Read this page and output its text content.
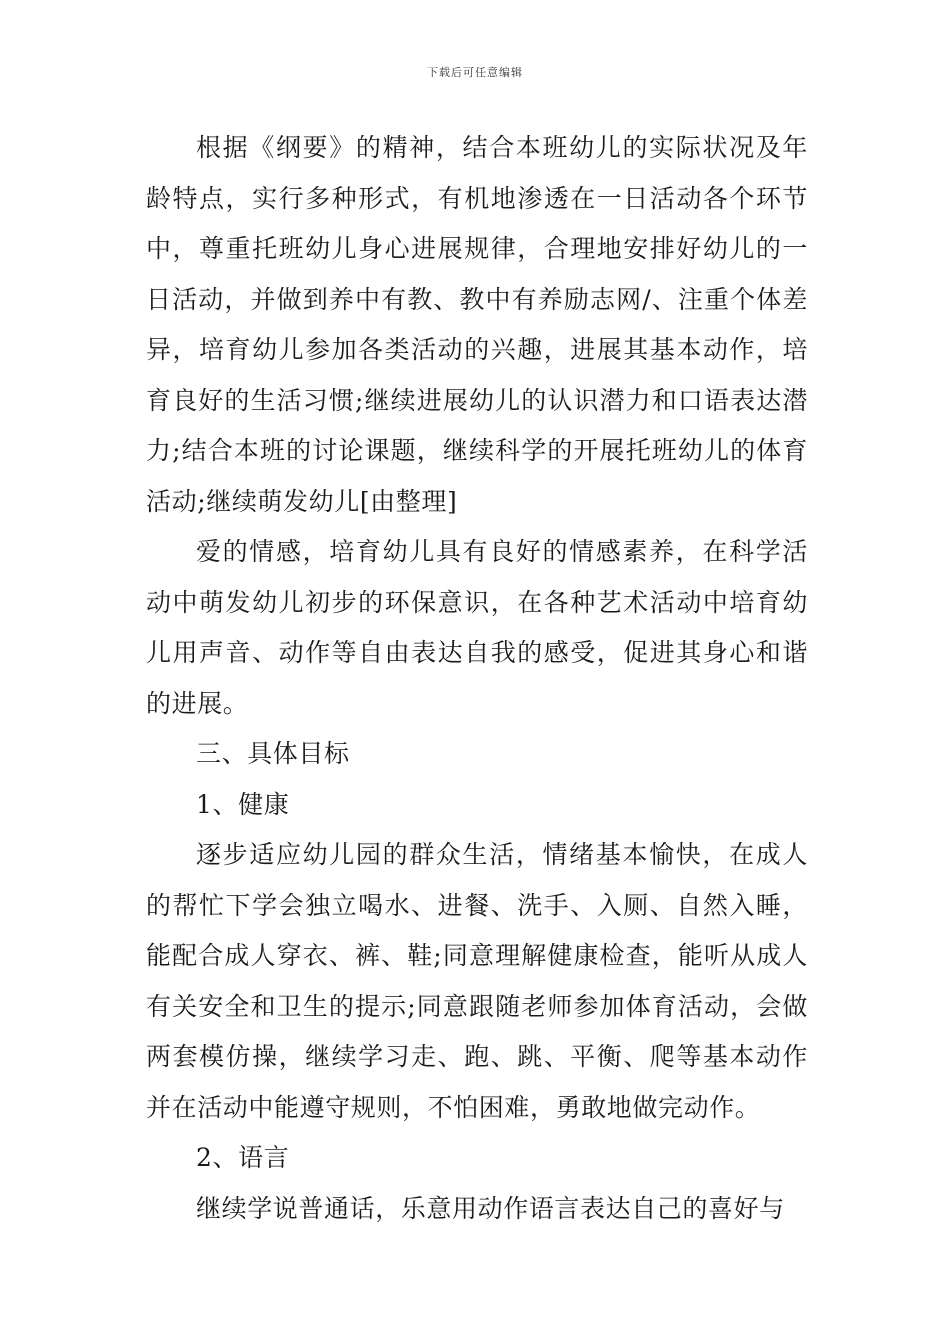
下载后可任意编辑

根据《纲要》的精神，结合本班幼儿的实际状况及年龄特点，实行多种形式，有机地渗透在一日活动各个环节中，尊重托班幼儿身心进展规律，合理地安排好幼儿的一日活动，并做到养中有教、教中有养励志网/、注重个体差异，培育幼儿参加各类活动的兴趣，进展其基本动作，培育良好的生活习惯;继续进展幼儿的认识潜力和口语表达潜力;结合本班的讨论课题，继续科学的开展托班幼儿的体育活动;继续萌发幼儿[由整理]

爱的情感，培育幼儿具有良好的情感素养，在科学活动中萌发幼儿初步的环保意识，在各种艺术活动中培育幼儿用声音、动作等自由表达自我的感受，促进其身心和谐的进展。

三、具体目标

1、健康

逐步适应幼儿园的群众生活，情绪基本愉快，在成人的帮忙下学会独立喝水、进餐、洗手、入厕、自然入睡，能配合成人穿衣、裤、鞋;同意理解健康检查，能听从成人有关安全和卫生的提示;同意跟随老师参加体育活动，会做两套模仿操，继续学习走、跑、跳、平衡、爬等基本动作并在活动中能遵守规则，不怕困难，勇敢地做完动作。

2、语言

继续学说普通话，乐意用动作语言表达自己的喜好与
